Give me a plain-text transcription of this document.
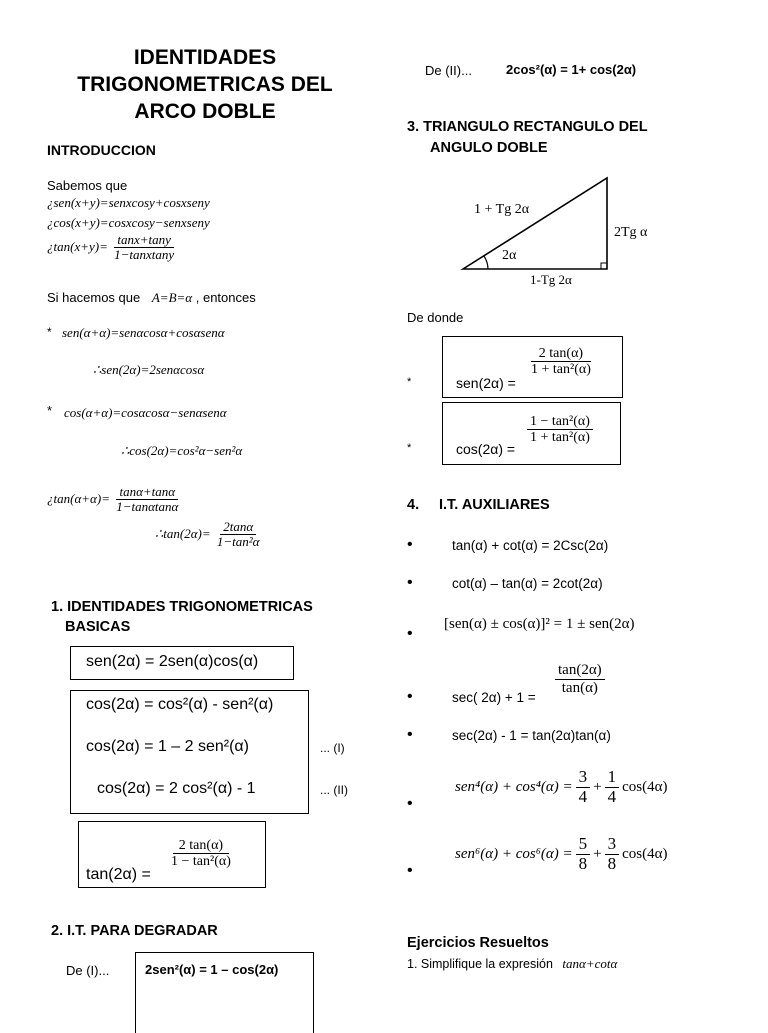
IDENTIDADES
TRIGONOMETRICAS DEL
ARCO DOBLE
INTRODUCCION
Sabemos que
¿sen(x+y)=senxcosy+cosxseny
¿cos(x+y)=cosxcosy−senxseny
¿$\tan(x+y)= \frac{\tan x+\tan y}{\text{1−tanxtany}}$
Si hacemos que A=B=α , entonces
* sen(α+α)=senαcosα+cosαsenα
∴sen(2α)=2senαcosα
* cos(α+α)=cosαcosα−senαsenα
∴cos(2α)=cos²α−sen²α
¿$\tan(\alpha+\alpha)= \frac{\tan\alpha+\tan\alpha}{1-\tan\alpha\tan\alpha}$
∴tan(2α)= $\frac{2\tan\alpha}{\text{1−tan²α}}$
1. IDENTIDADES TRIGONOMETRICAS
BASICAS
sen(2α) = 2sen(α)cos(α)
cos(2α) = cos²(α) - sen²(α)
cos(2α) = 1 – 2 sen²(α)	... (I)
cos(2α) = 2 cos²(α) - 1	... (II)
tan(2α) =
$\frac{2 \tan(\alpha)}{\text{1 − tan²(α)}}$
2. I.T. PARA DEGRADAR
De (I)...	2sen²(α) = 1 – cos(2α)
De (II)...	2cos²(α) = 1+ cos(2α)
3. TRIANGULO RECTANGULO DEL
ANGULO DOBLE
1 + Tg 2α
2α
2Tg α
1-Tg 2α
De donde
*	sen(2α) =
$\frac{2 \tan(\alpha)}{\text{1 + tan²(α)}}$
*	cos(2α) =
$\frac{\text{1 − tan²(α)}}{\text{1 + tan²(α)}}$
4. I.T. AUXILIARES
•	tan(α) + cot(α) = 2Csc(2α)
•	cot(α) – tan(α) = 2cot(2α)
•
[sen(α) ± cos(α)]² = 1 ± sen(2α)
•	sec( 2α) + 1 =
$\frac{\tan(2\alpha)}{\tan(\alpha)}$
•	sec(2α) - 1 = tan(2α)tan(α)
•
$sen^4(\alpha) + \cos^4(\alpha) = \frac{3}{4} + \frac{1}{4} \cos(4\alpha)$
•
$sen^6(\alpha) + \cos^6(\alpha) = \frac{5}{8} + \frac{3}{8} \cos(4\alpha)$
Ejercicios Resueltos
1. Simplifique la expresión tanα+cotα
